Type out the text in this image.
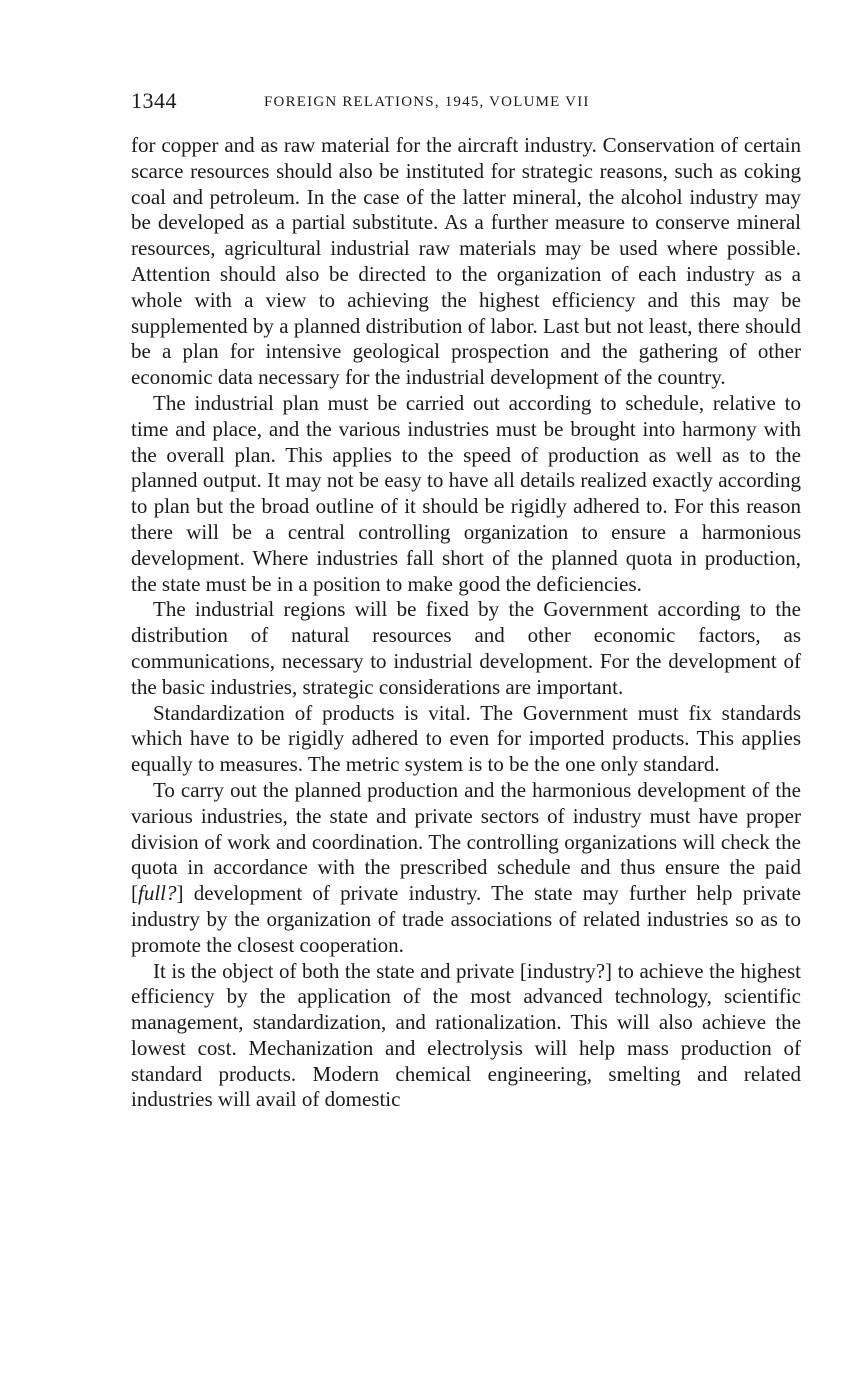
1344	FOREIGN RELATIONS, 1945, VOLUME VII

for copper and as raw material for the aircraft industry. Conservation of certain scarce resources should also be instituted for strategic reasons, such as coking coal and petroleum. In the case of the latter mineral, the alcohol industry may be developed as a partial substitute. As a further measure to conserve mineral resources, agricultural industrial raw materials may be used where possible. Attention should also be directed to the organization of each industry as a whole with a view to achieving the highest efficiency and this may be supplemented by a planned distribution of labor. Last but not least, there should be a plan for intensive geological prospection and the gathering of other economic data necessary for the industrial development of the country.

The industrial plan must be carried out according to schedule, relative to time and place, and the various industries must be brought into harmony with the overall plan. This applies to the speed of production as well as to the planned output. It may not be easy to have all details realized exactly according to plan but the broad outline of it should be rigidly adhered to. For this reason there will be a central controlling organization to ensure a harmonious development. Where industries fall short of the planned quota in production, the state must be in a position to make good the deficiencies.

The industrial regions will be fixed by the Government according to the distribution of natural resources and other economic factors, as communications, necessary to industrial development. For the development of the basic industries, strategic considerations are important.

Standardization of products is vital. The Government must fix standards which have to be rigidly adhered to even for imported products. This applies equally to measures. The metric system is to be the one only standard.

To carry out the planned production and the harmonious development of the various industries, the state and private sectors of industry must have proper division of work and coordination. The controlling organizations will check the quota in accordance with the prescribed schedule and thus ensure the paid [full?] development of private industry. The state may further help private industry by the organization of trade associations of related industries so as to promote the closest cooperation.

It is the object of both the state and private [industry?] to achieve the highest efficiency by the application of the most advanced technology, scientific management, standardization, and rationalization. This will also achieve the lowest cost. Mechanization and electrolysis will help mass production of standard products. Modern chemical engineering, smelting and related industries will avail of domestic
